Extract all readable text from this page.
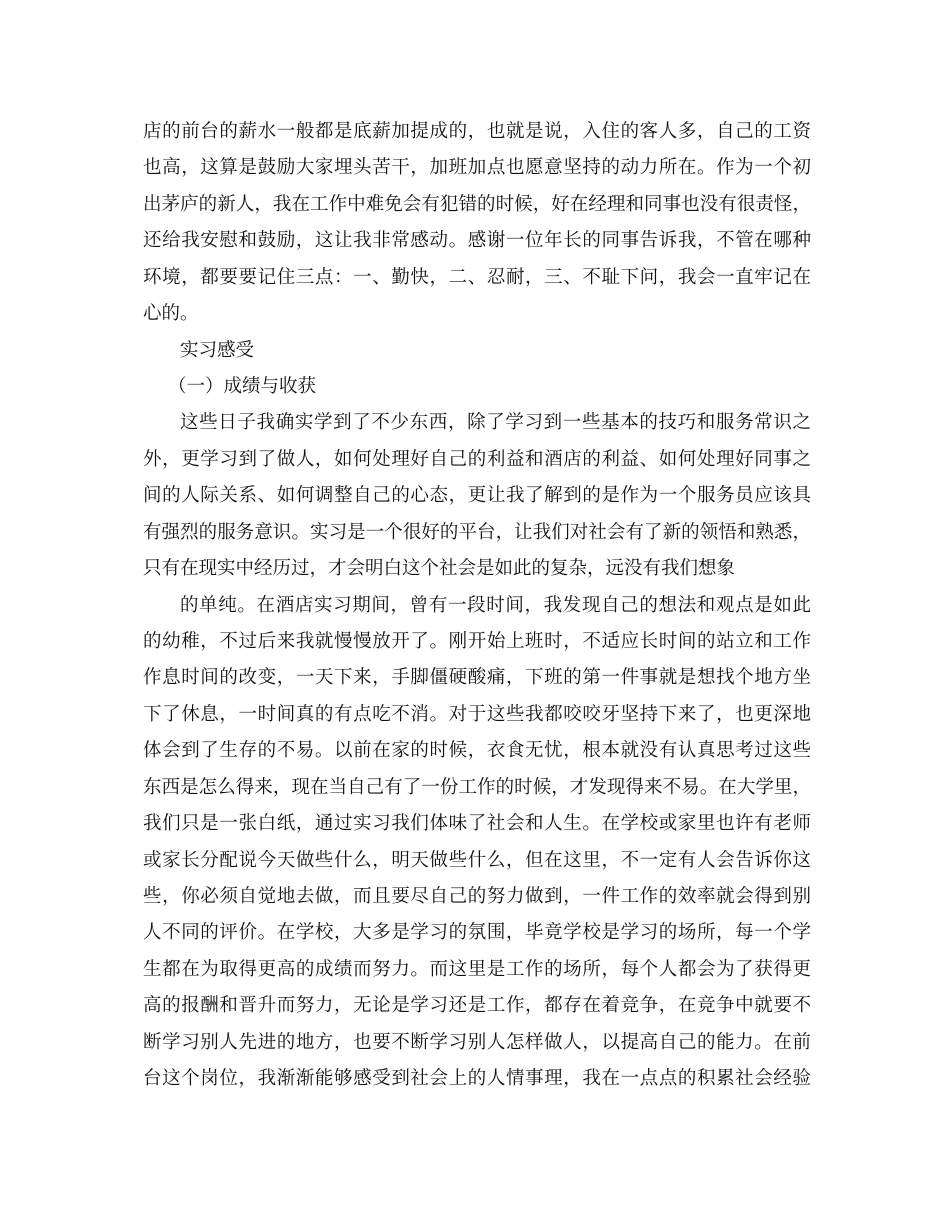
店的前台的薪水一般都是底薪加提成的，也就是说，入住的客人多，自己的工资
也高，这算是鼓励大家埋头苦干，加班加点也愿意坚持的动力所在。作为一个初
出茅庐的新人，我在工作中难免会有犯错的时候，好在经理和同事也没有很责怪，
还给我安慰和鼓励，这让我非常感动。感谢一位年长的同事告诉我，不管在哪种
环境，都要要记住三点：一、勤快，二、忍耐，三、不耻下问，我会一直牢记在
心的。
实习感受
（一）成绩与收获
这些日子我确实学到了不少东西，除了学习到一些基本的技巧和服务常识之
外，更学习到了做人，如何处理好自己的利益和酒店的利益、如何处理好同事之
间的人际关系、如何调整自己的心态，更让我了解到的是作为一个服务员应该具
有强烈的服务意识。实习是一个很好的平台，让我们对社会有了新的领悟和熟悉，
只有在现实中经历过，才会明白这个社会是如此的复杂，远没有我们想象
的单纯。在酒店实习期间，曾有一段时间，我发现自己的想法和观点是如此
的幼稚，不过后来我就慢慢放开了。刚开始上班时，不适应长时间的站立和工作
作息时间的改变，一天下来，手脚僵硬酸痛，下班的第一件事就是想找个地方坐
下了休息，一时间真的有点吃不消。对于这些我都咬咬牙坚持下来了，也更深地
体会到了生存的不易。以前在家的时候，衣食无忧，根本就没有认真思考过这些
东西是怎么得来，现在当自己有了一份工作的时候，才发现得来不易。在大学里，
我们只是一张白纸，通过实习我们体味了社会和人生。在学校或家里也许有老师
或家长分配说今天做些什么，明天做些什么，但在这里，不一定有人会告诉你这
些，你必须自觉地去做，而且要尽自己的努力做到，一件工作的效率就会得到别
人不同的评价。在学校，大多是学习的氛围，毕竟学校是学习的场所，每一个学
生都在为取得更高的成绩而努力。而这里是工作的场所，每个人都会为了获得更
高的报酬和晋升而努力，无论是学习还是工作，都存在着竞争，在竞争中就要不
断学习别人先进的地方，也要不断学习别人怎样做人，以提高自己的能力。在前
台这个岗位，我渐渐能够感受到社会上的人情事理，我在一点点的积累社会经验
